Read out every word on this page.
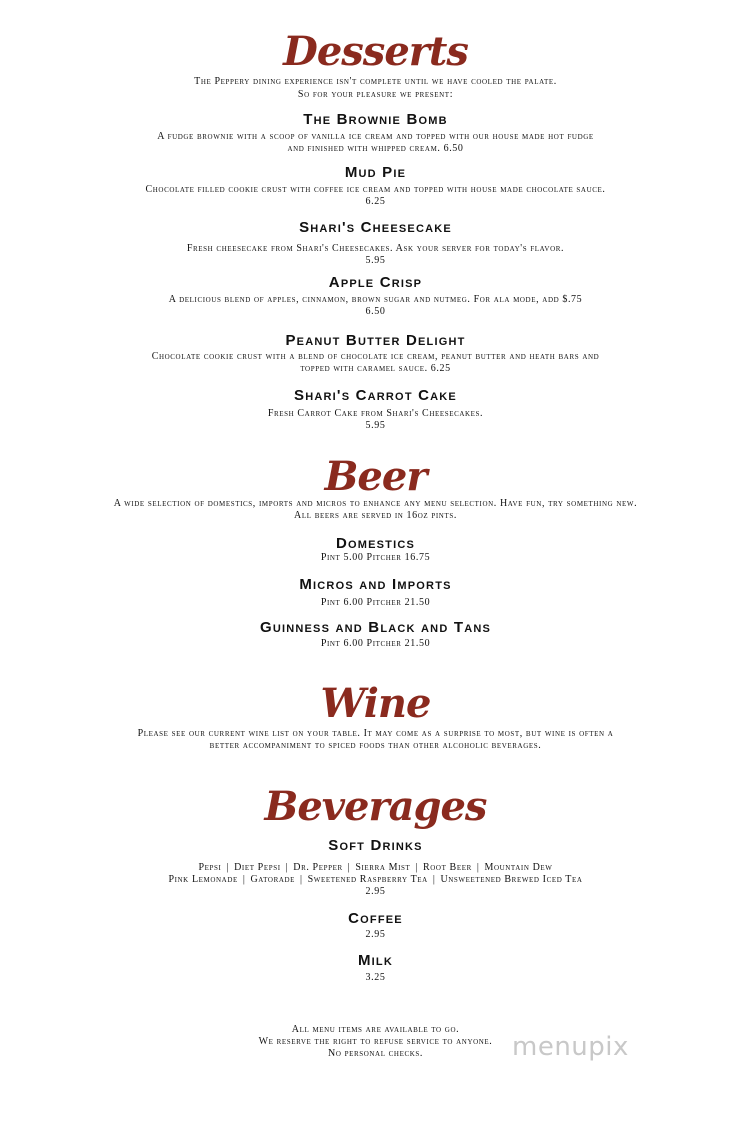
Desserts
The Peppery dining experience isn't complete until we have cooled the palate.
So for your pleasure we present:
The Brownie Bomb
A fudge brownie with a scoop of vanilla ice cream and topped with our house made hot fudge
and finished with whipped cream. 6.50
Mud Pie
Chocolate filled cookie crust with coffee ice cream and topped with house made chocolate sauce.
6.25
Shari's Cheesecake
Fresh cheesecake from Shari's Cheesecakes. Ask your server for today's flavor.
5.95
Apple Crisp
A delicious blend of apples, cinnamon, brown sugar and nutmeg. For ala mode, add $.75
6.50
Peanut Butter Delight
Chocolate cookie crust with a blend of chocolate ice cream, peanut butter and heath bars and
topped with caramel sauce. 6.25
Shari's Carrot Cake
Fresh Carrot Cake from Shari's Cheesecakes.
5.95
Beer
A wide selection of domestics, imports and micros to enhance any menu selection. Have fun, try something new.
All beers are served in 16oz pints.
Domestics
Pint 5.00 Pitcher 16.75
Micros and Imports
Pint 6.00 Pitcher 21.50
Guinness and Black and Tans
Pint 6.00 Pitcher 21.50
Wine
Please see our current wine list on your table. It may come as a surprise to most, but wine is often a
better accompaniment to spiced foods than other alcoholic beverages.
Beverages
Soft Drinks
Pepsi | Diet Pepsi | Dr. Pepper | Sierra Mist | Root Beer | Mountain Dew
Pink Lemonade | Gatorade | Sweetened Raspberry Tea | Unsweetened Brewed Iced Tea
2.95
Coffee
2.95
Milk
3.25
All menu items are available to go.
We reserve the right to refuse service to anyone.
No personal checks.	menupix
